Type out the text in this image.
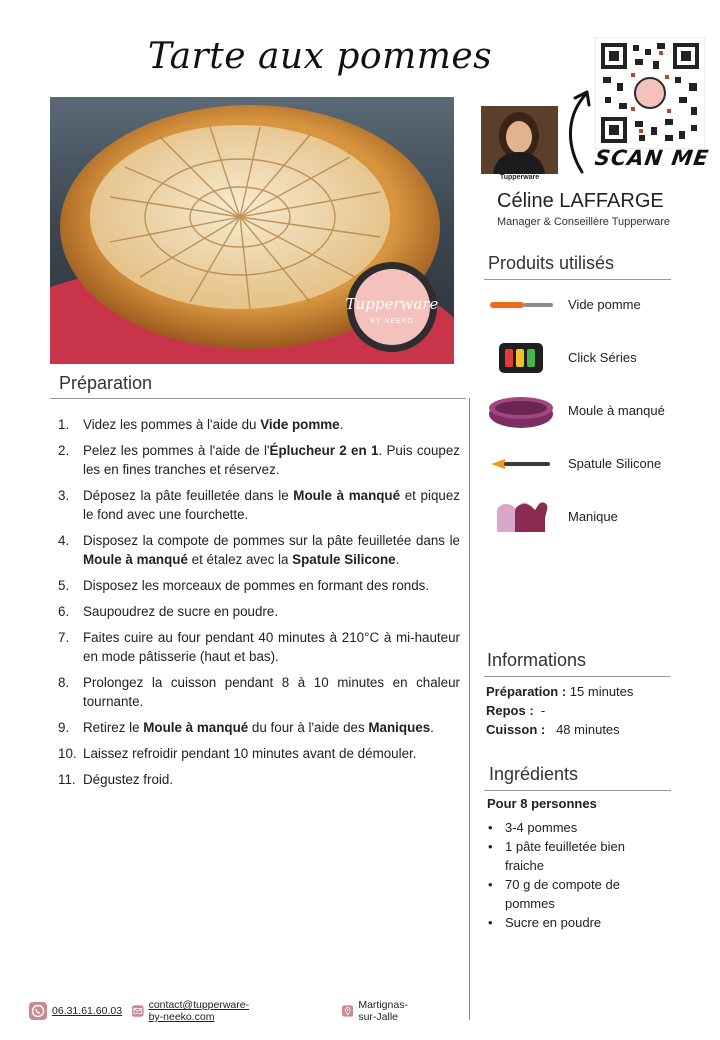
Tarte aux pommes
Tupperware
BY NEEKO
Préparation
1. Videz les pommes à l'aide du Vide pomme.
2. Pelez les pommes à l'aide de l'Éplucheur 2 en 1. Puis coupez les en fines tranches et réservez.
3. Déposez la pâte feuilletée dans le Moule à manqué et piquez le fond avec une fourchette.
4. Disposez la compote de pommes sur la pâte feuilletée dans le Moule à manqué et étalez avec la Spatule Silicone.
5. Disposez les morceaux de pommes en formant des ronds.
6. Saupoudrez de sucre en poudre.
7. Faites cuire au four pendant 40 minutes à 210°C à mi-hauteur en mode pâtisserie (haut et bas).
8. Prolongez la cuisson pendant 8 à 10 minutes en chaleur tournante.
9. Retirez le Moule à manqué du four à l'aide des Maniques.
10. Laissez refroidir pendant 10 minutes avant de démouler.
11. Dégustez froid.
SCAN ME
Tupperware
Céline LAFFARGE
Manager & Conseillère Tupperware
Produits utilisés
Vide pomme
Click Séries
Moule à manqué
Spatule Silicone
Manique
Informations
Préparation : 15 minutes
Repos :  -
Cuisson :   48 minutes
Ingrédients
Pour 8 personnes
• 3-4 pommes
• 1 pâte feuilletée bien fraiche
• 70 g de compote de pommes
• Sucre en poudre
06.31.61.60.03	contact@tupperware-by-neeko.com
Martignas-sur-Jalle
